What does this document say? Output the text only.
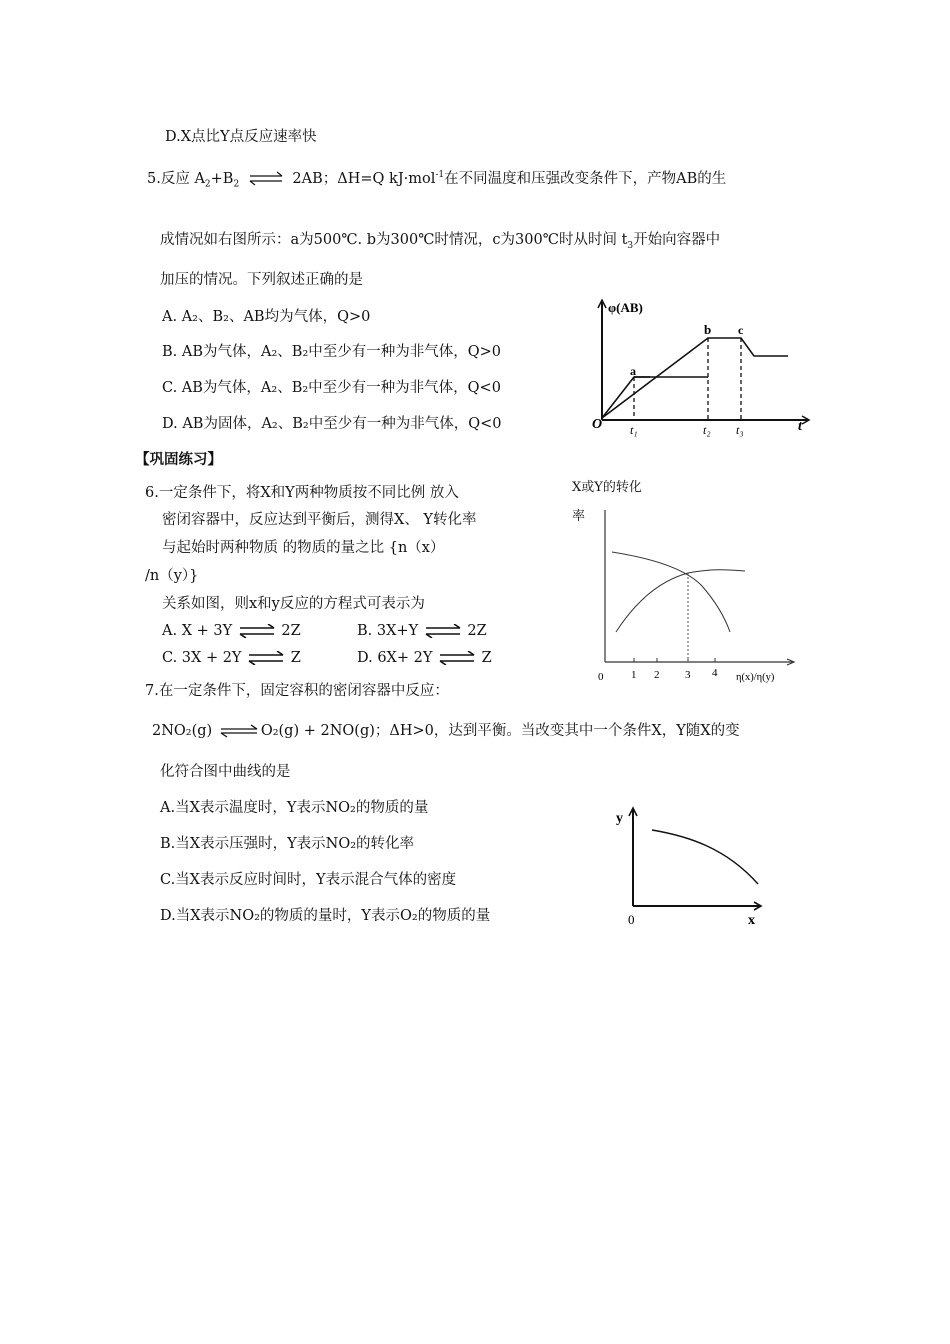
D.X点比Y点反应速率快
5.反应 $A_2+B_2$ ⇌ 2AB；ΔH=Q kJ·mol$^{-1}$在不同温度和压强改变条件下，产物AB的生
成情况如右图所示：a为500℃. b为300℃时情况，c为300℃时从时间 $t_3$开始向容器中
加压的情况。下列叙述正确的是
A. A₂、B₂、AB均为气体，Q>0
B. AB为气体，A₂、B₂中至少有一种为非气体，Q>0
C. AB为气体，A₂、B₂中至少有一种为非气体，Q<0
D. AB为固体，A₂、B₂中至少有一种为非气体，Q<0
φ(AB)
O	t
a
b c
t₁	t₂ t₃
【巩固练习】
6.一定条件下，将X和Y两种物质按不同比例 放入
密闭容器中，反应达到平衡后，测得X、 Y转化率
与起始时两种物质 的物质的量之比 {n（x）
/n（y）}
关系如图，则x和y反应的方程式可表示为
A. X + 3Y ⇌ 2Z	B. 3X+Y ⇌ 2Z
C. 3X + 2Y ⇌ Z	D. 6X+ 2Y ⇌ Z
X或Y的转化
率
0	1 2 3 4 η(x)/η(y)
7.在一定条件下，固定容积的密闭容器中反应：
2NO₂(g) ⇌O₂(g) + 2NO(g)；ΔH>0，达到平衡。当改变其中一个条件X，Y随X的变
化符合图中曲线的是
A.当X表示温度时，Y表示NO₂的物质的量
B.当X表示压强时，Y表示NO₂的转化率
C.当X表示反应时间时，Y表示混合气体的密度
D.当X表示NO₂的物质的量时，Y表示O₂的物质的量
y
0	x
